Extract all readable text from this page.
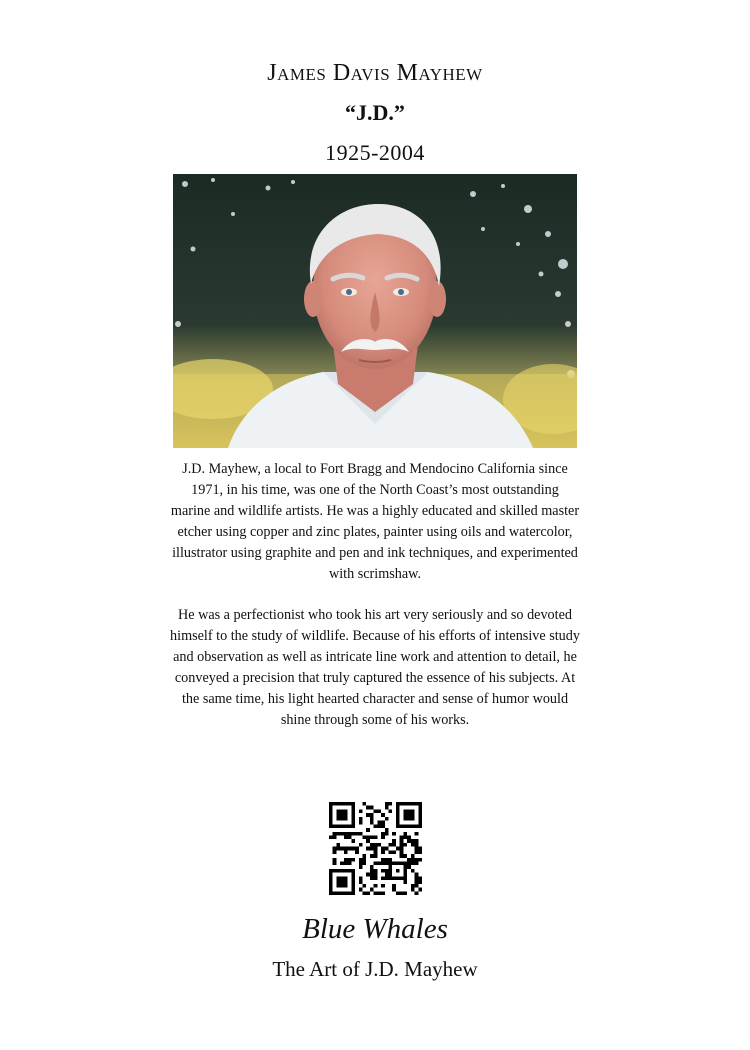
James Davis Mayhew
“J.D.”
1925-2004
J.D. Mayhew, a local to Fort Bragg and Mendocino California since 1971, in his time, was one of the North Coast’s most outstanding marine and wildlife artists. He was a highly educated and skilled master etcher using copper and zinc plates, painter using oils and watercolor, illustrator using graphite and pen and ink techniques, and experimented with scrimshaw.
He was a perfectionist who took his art very seriously and so devoted himself to the study of wildlife. Because of his efforts of intensive study and observation as well as intricate line work and attention to detail, he conveyed a precision that truly captured the essence of his subjects. At the same time, his light hearted character and sense of humor would shine through some of his works.
Blue Whales
The Art of J.D. Mayhew
